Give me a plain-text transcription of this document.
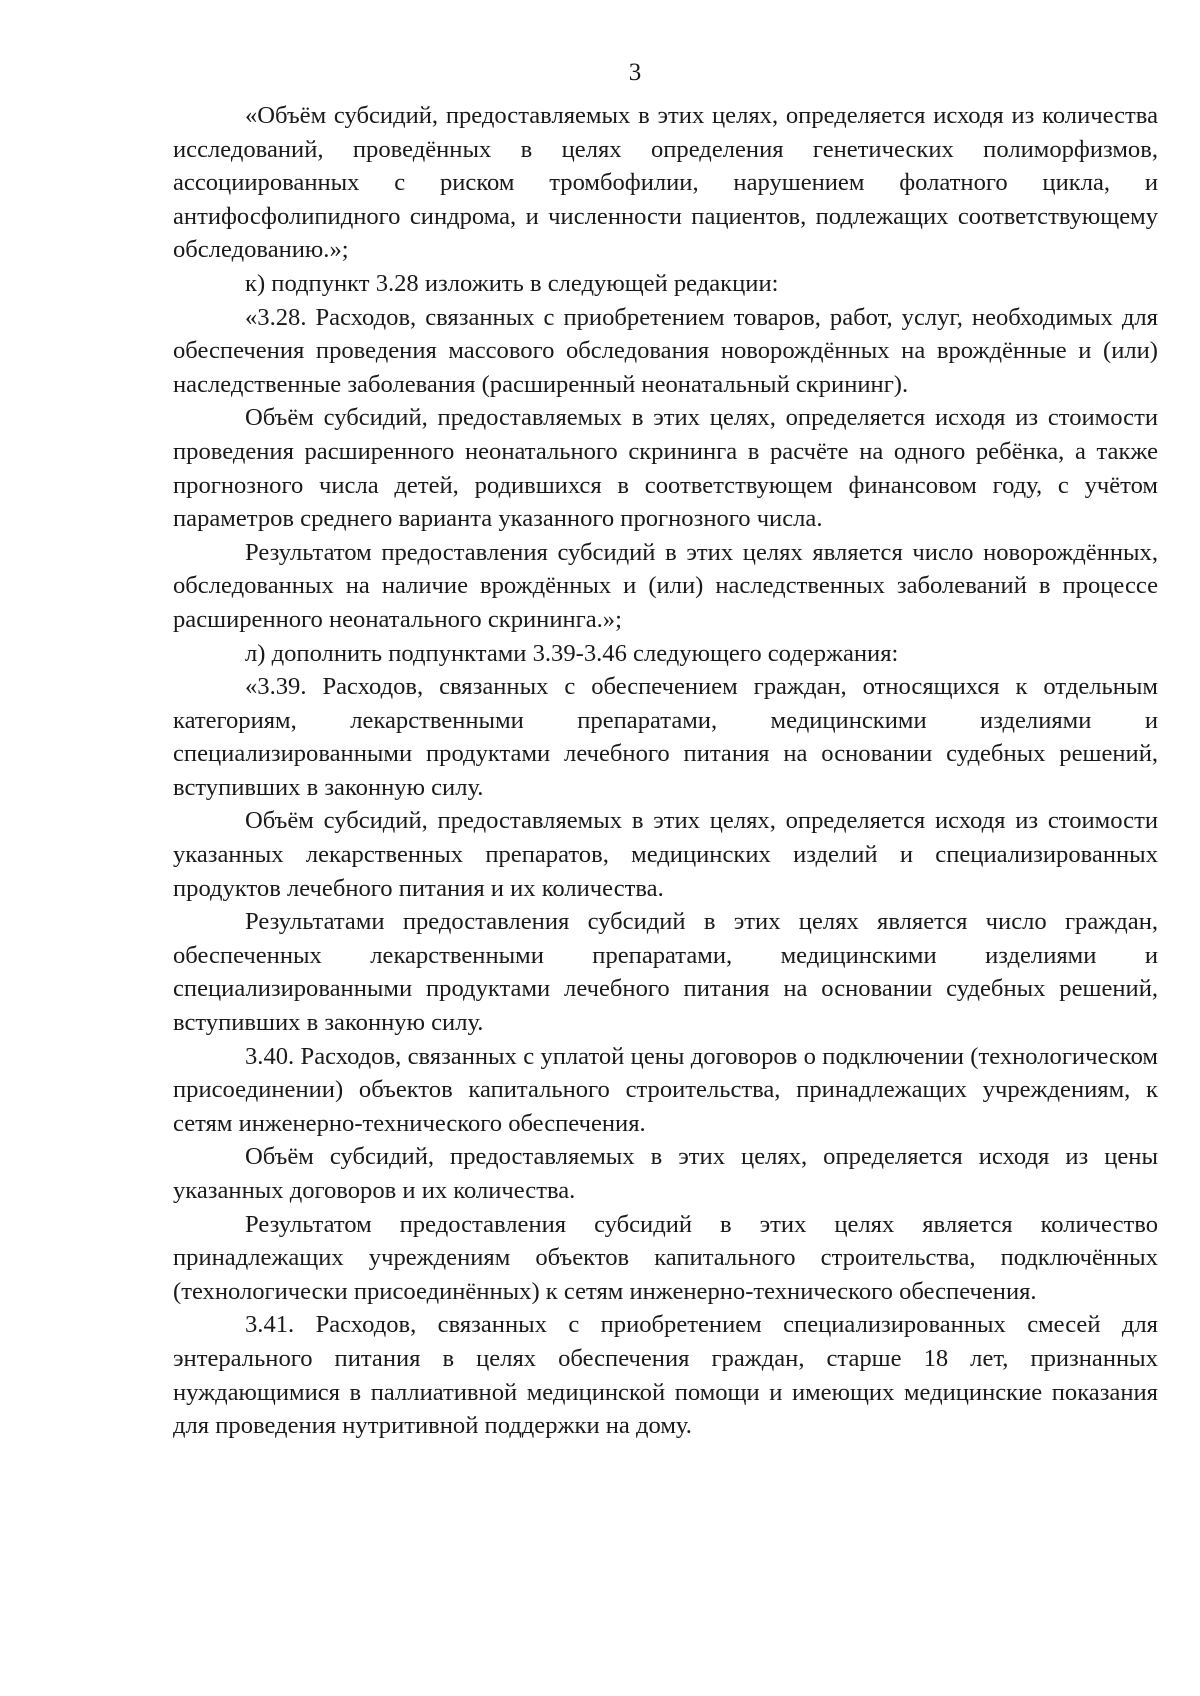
3

«Объём субсидий, предоставляемых в этих целях, определяется исходя из количества исследований, проведённых в целях определения генетических полиморфизмов, ассоциированных с риском тромбофилии, нарушением фолатного цикла, и антифосфолипидного синдрома, и численности пациентов, подлежащих соответствующему обследованию.»;

к) подпункт 3.28 изложить в следующей редакции:

«3.28. Расходов, связанных с приобретением товаров, работ, услуг, необходимых для обеспечения проведения массового обследования новорождённых на врождённые и (или) наследственные заболевания (расширенный неонатальный скрининг).

Объём субсидий, предоставляемых в этих целях, определяется исходя из стоимости проведения расширенного неонатального скрининга в расчёте на одного ребёнка, а также прогнозного числа детей, родившихся в соответствующем финансовом году, с учётом параметров среднего варианта указанного прогнозного числа.

Результатом предоставления субсидий в этих целях является число новорождённых, обследованных на наличие врождённых и (или) наследственных заболеваний в процессе расширенного неонатального скрининга.»;

л) дополнить подпунктами 3.39-3.46 следующего содержания:

«3.39. Расходов, связанных с обеспечением граждан, относящихся к отдельным категориям, лекарственными препаратами, медицинскими изделиями и специализированными продуктами лечебного питания на основании судебных решений, вступивших в законную силу.

Объём субсидий, предоставляемых в этих целях, определяется исходя из стоимости указанных лекарственных препаратов, медицинских изделий и специализированных продуктов лечебного питания и их количества.

Результатами предоставления субсидий в этих целях является число граждан, обеспеченных лекарственными препаратами, медицинскими изделиями и специализированными продуктами лечебного питания на основании судебных решений, вступивших в законную силу.

3.40. Расходов, связанных с уплатой цены договоров о подключении (технологическом присоединении) объектов капитального строительства, принадлежащих учреждениям, к сетям инженерно-технического обеспечения.

Объём субсидий, предоставляемых в этих целях, определяется исходя из цены указанных договоров и их количества.

Результатом предоставления субсидий в этих целях является количество принадлежащих учреждениям объектов капитального строительства, подключённых (технологически присоединённых) к сетям инженерно-технического обеспечения.

3.41. Расходов, связанных с приобретением специализированных смесей для энтерального питания в целях обеспечения граждан, старше 18 лет, признанных нуждающимися в паллиативной медицинской помощи и имеющих медицинские показания для проведения нутритивной поддержки на дому.
